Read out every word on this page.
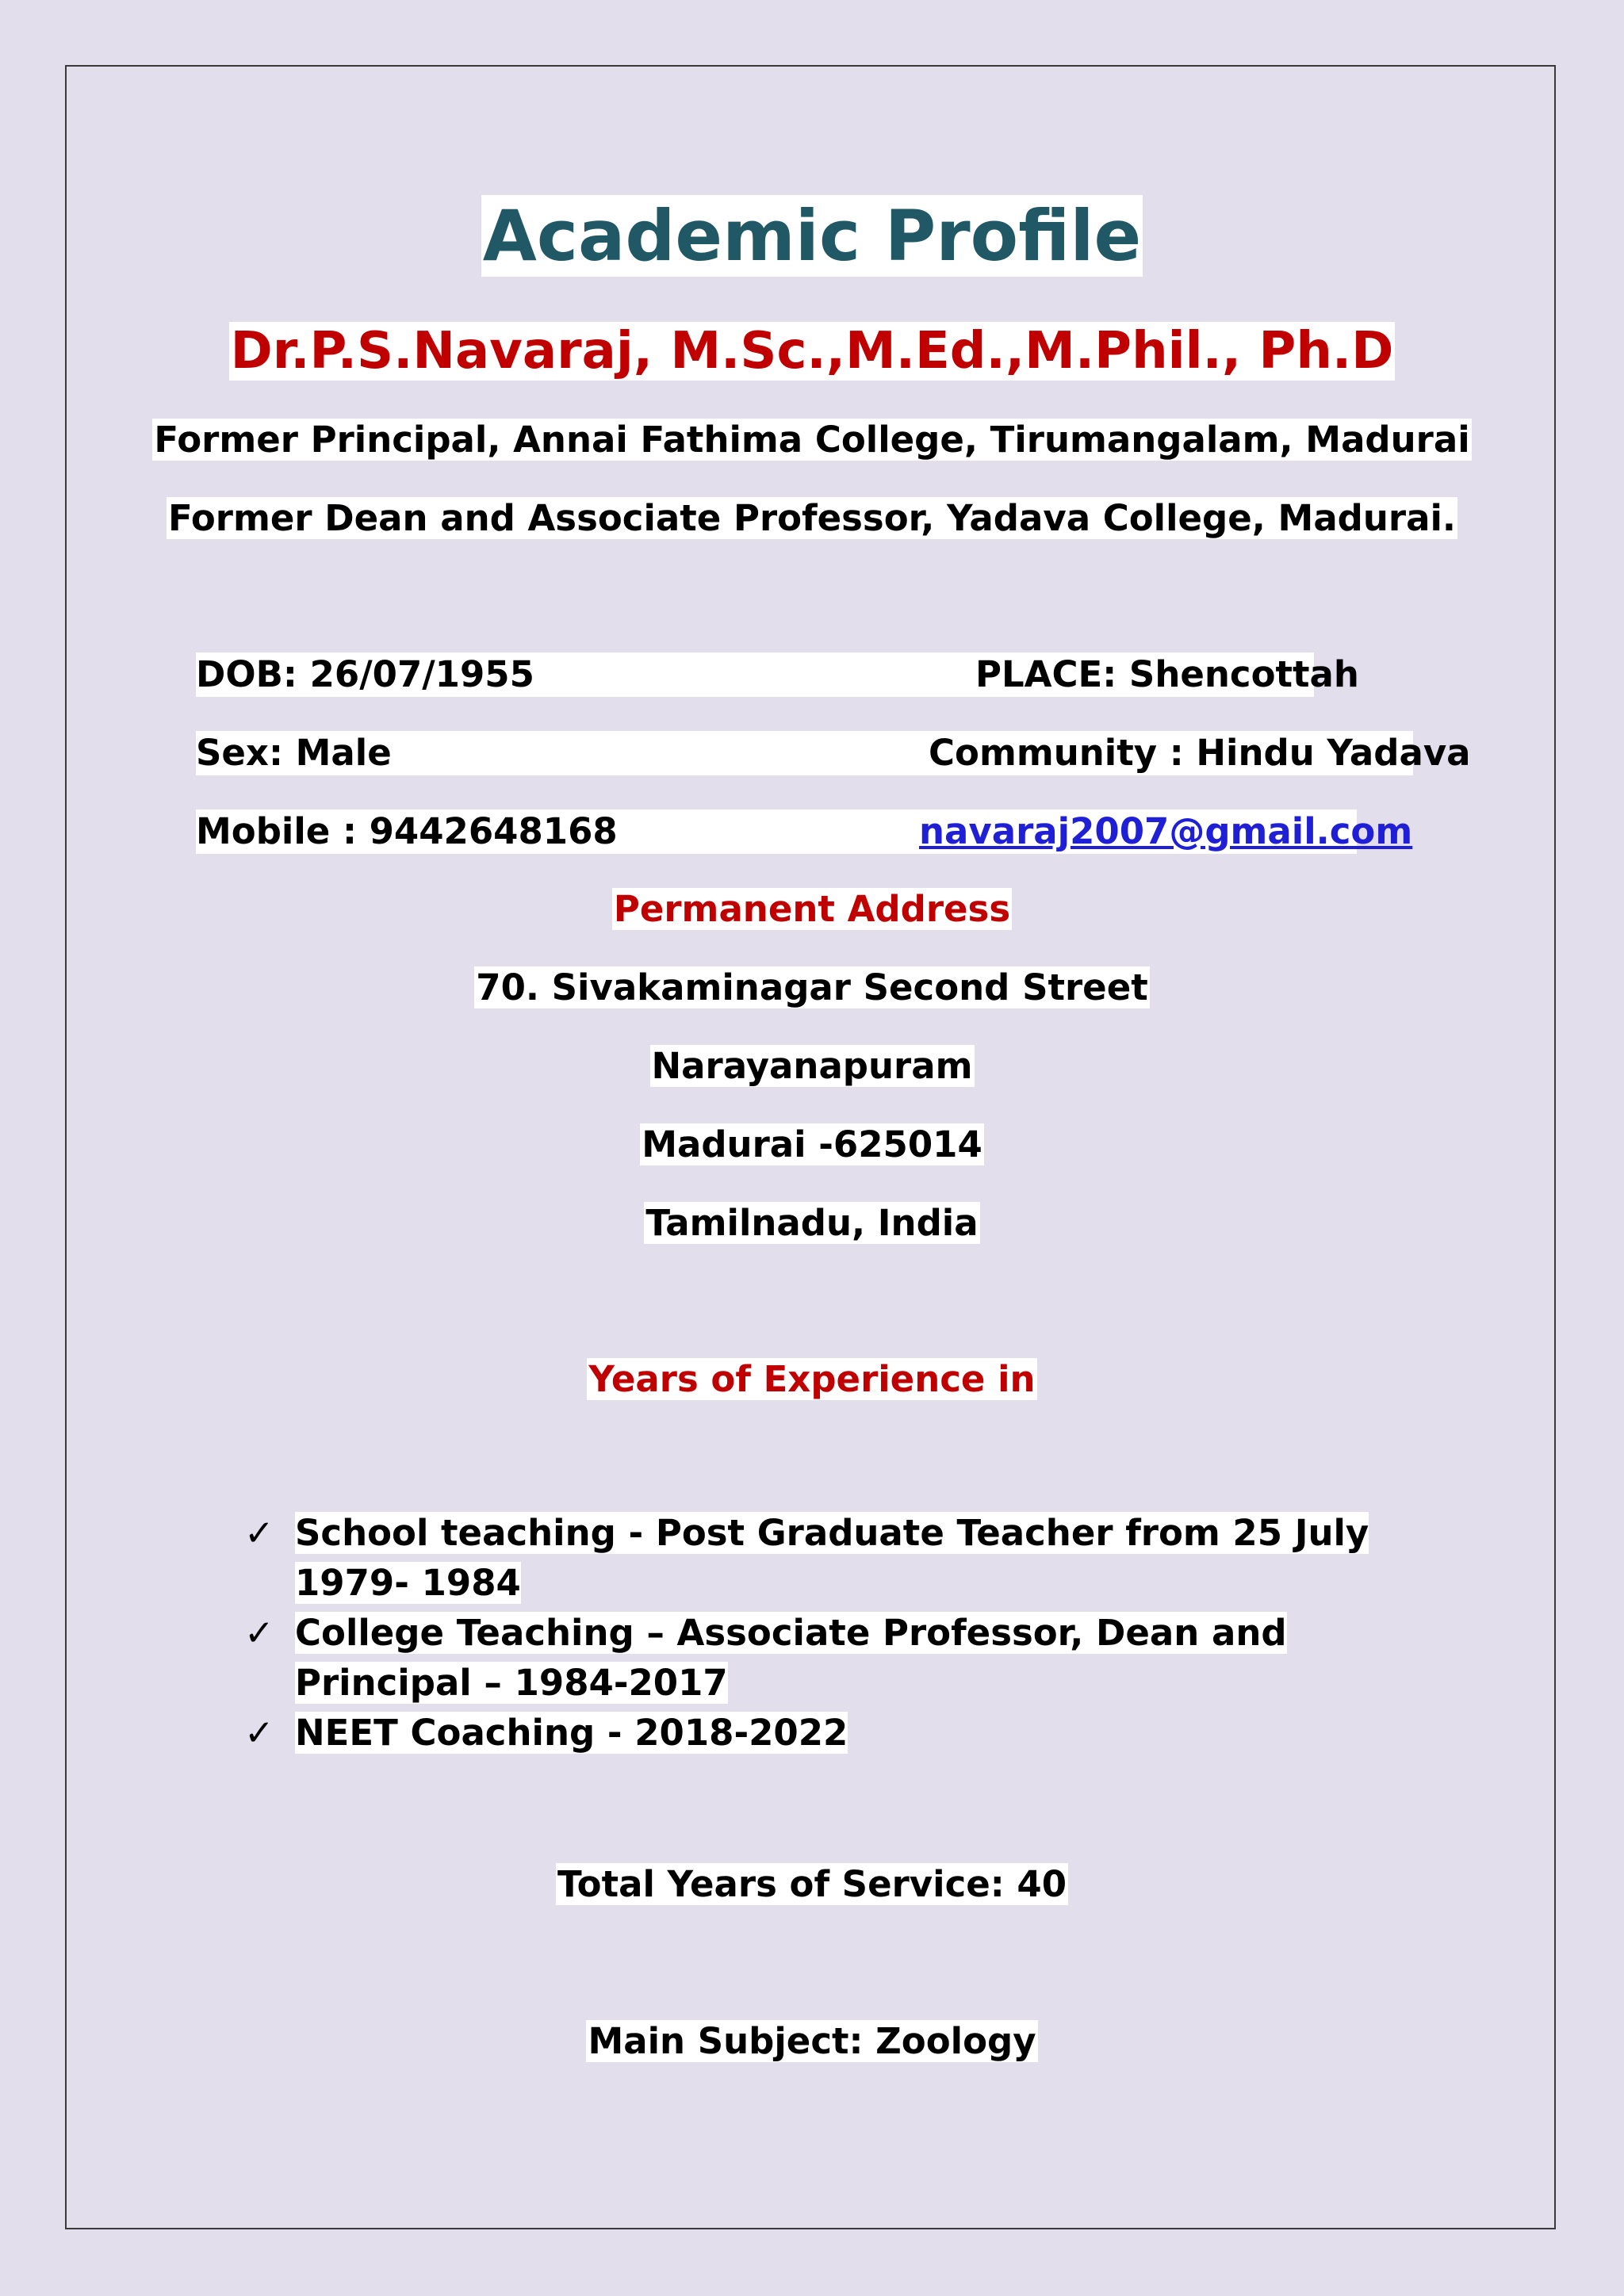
Academic Profile
Dr.P.S.Navaraj, M.Sc.,M.Ed.,M.Phil., Ph.D
Former Principal, Annai Fathima College, Tirumangalam, Madurai
Former Dean and Associate Professor, Yadava College, Madurai.
DOB: 26/07/1955	PLACE: Shencottah
Sex: Male	Community : Hindu Yadava
Mobile : 9442648168	navaraj2007@gmail.com
Permanent Address
70. Sivakaminagar Second Street
Narayanapuram
Madurai -625014
Tamilnadu, India
Years of Experience in
✓ School teaching - Post Graduate Teacher from 25 July 1979- 1984
✓ College Teaching – Associate Professor, Dean and Principal – 1984-2017
✓ NEET Coaching - 2018-2022
Total Years of Service: 40
Main Subject: Zoology
